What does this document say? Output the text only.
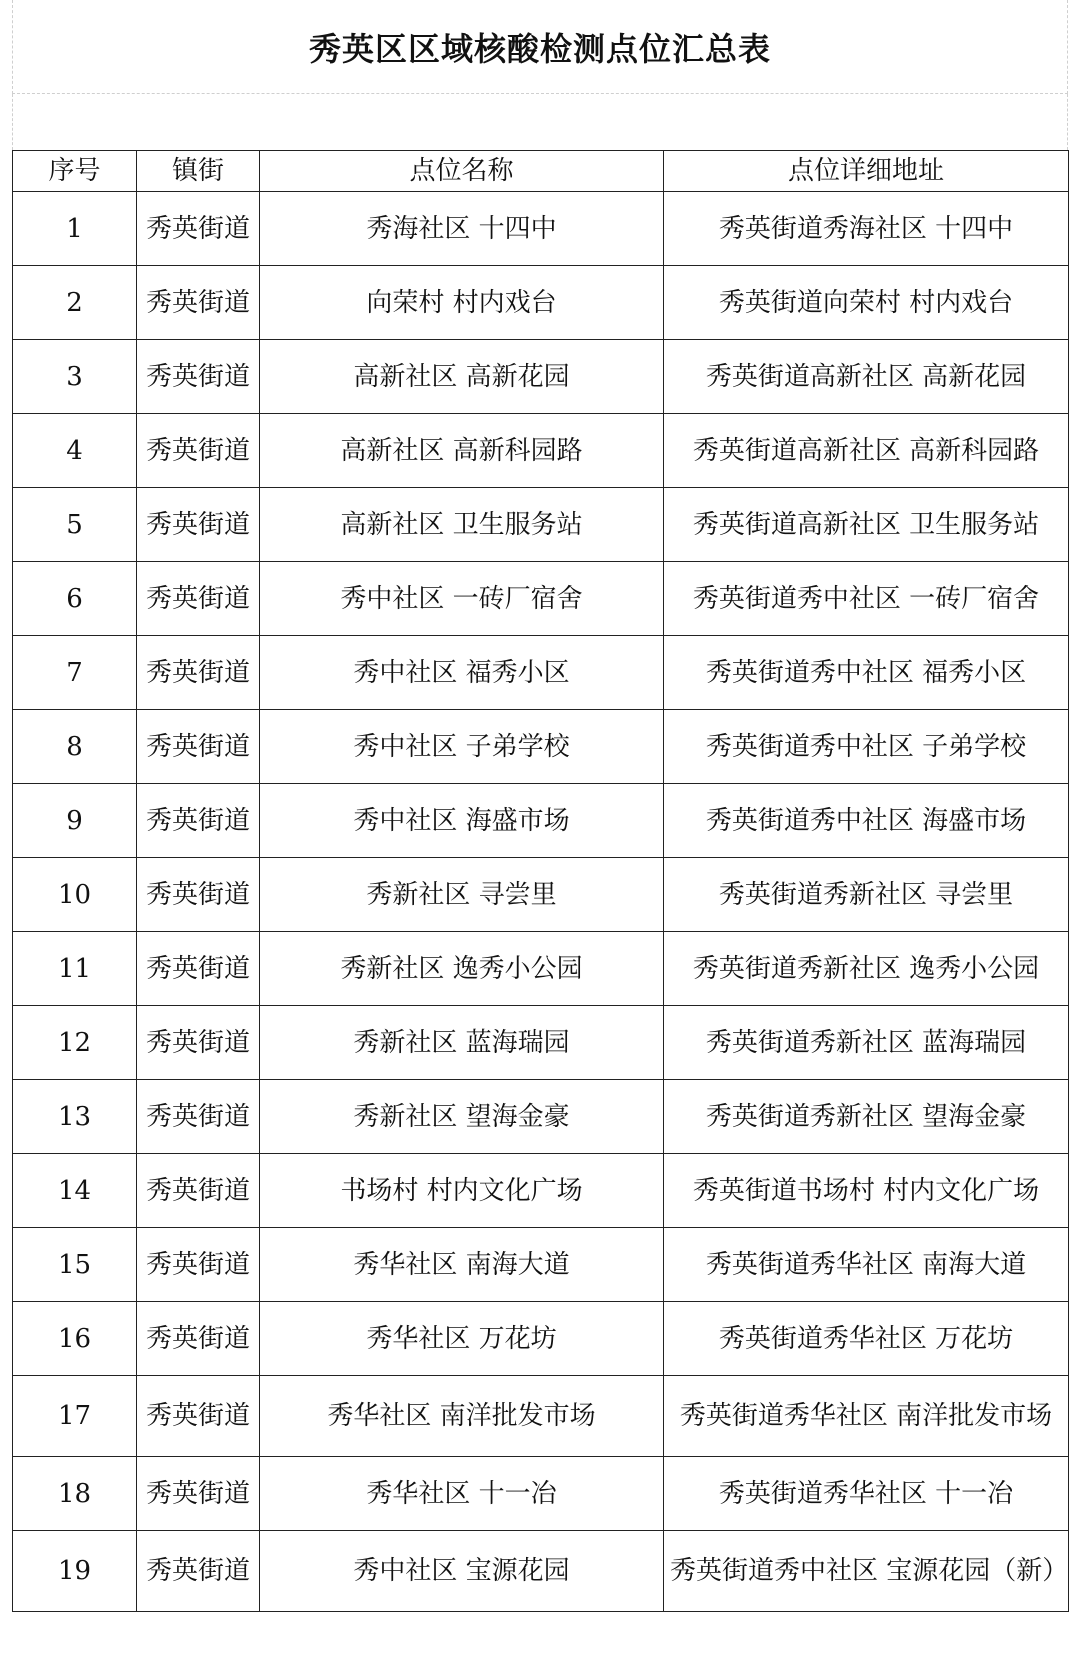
秀英区区域核酸检测点位汇总表
序号	镇街	点位名称	点位详细地址
1	秀英街道	秀海社区 十四中	秀英街道秀海社区 十四中
2	秀英街道	向荣村 村内戏台	秀英街道向荣村 村内戏台
3	秀英街道	高新社区 高新花园	秀英街道高新社区 高新花园
4	秀英街道	高新社区 高新科园路	秀英街道高新社区 高新科园路
5	秀英街道	高新社区 卫生服务站	秀英街道高新社区 卫生服务站
6	秀英街道	秀中社区 一砖厂宿舍	秀英街道秀中社区 一砖厂宿舍
7	秀英街道	秀中社区 福秀小区	秀英街道秀中社区 福秀小区
8	秀英街道	秀中社区 子弟学校	秀英街道秀中社区 子弟学校
9	秀英街道	秀中社区 海盛市场	秀英街道秀中社区 海盛市场
10	秀英街道	秀新社区 寻尝里	秀英街道秀新社区 寻尝里
11	秀英街道	秀新社区 逸秀小公园	秀英街道秀新社区 逸秀小公园
12	秀英街道	秀新社区 蓝海瑞园	秀英街道秀新社区 蓝海瑞园
13	秀英街道	秀新社区 望海金豪	秀英街道秀新社区 望海金豪
14	秀英街道	书场村 村内文化广场	秀英街道书场村 村内文化广场
15	秀英街道	秀华社区 南海大道	秀英街道秀华社区 南海大道
16	秀英街道	秀华社区 万花坊	秀英街道秀华社区 万花坊
17	秀英街道	秀华社区 南洋批发市场	秀英街道秀华社区 南洋批发市场
18	秀英街道	秀华社区 十一冶	秀英街道秀华社区 十一冶
19	秀英街道	秀中社区 宝源花园	秀英街道秀中社区 宝源花园（新）
